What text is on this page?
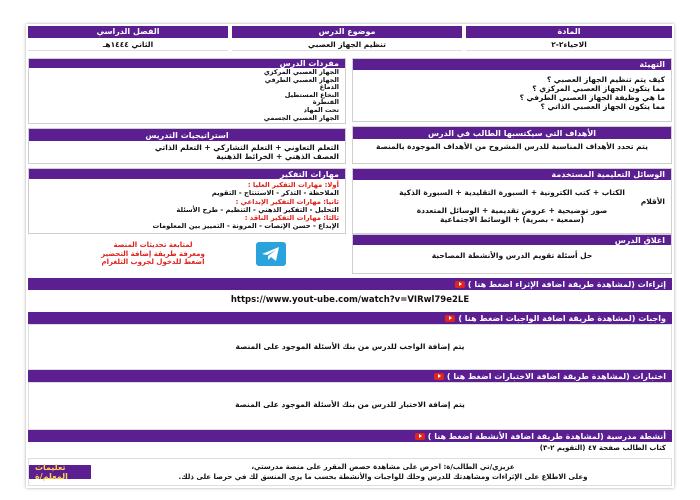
المادة
موضوع الدرس
الفصل الدراسي
الاحياء٢-٢
تنظيم الجهاز العصبي
الثاني ١٤٤٤هـ
التهيئة
كيف يتم تنظيم الجهاز العصبي ؟
مما يتكون الجهاز العصبي المركزي ؟
ما هي وظيفة الجهاز العصبي الطرفي ؟
مما يتكون الجهاز العصبي الذاتي ؟
مفردات الدرس
الجهاز العصبي المركزي
الجهاز العصبي الطرفي
الدماغ
النخاع المستطيل
القنطرة
تحت المهاد
الجهاز العصبي الجسمي
الأهداف التي سيكتسبها الطالب في الدرس
يتم تحدد الأهداف المناسبة للدرس المشروح من الأهداف الموجودة بالمنصة
استراتيجيات التدريس
التعلم التعاوني + التعلم التشاركي + التعلم الذاتي
العصف الذهني + الخرائط الذهنية
الوسائل التعليمية المستخدمة
الكتاب + كتب الكترونية + السبورة التقليدية + السبورة الذكية
الأقلام
صور توضيحية + عروض تقديمية + الوسائل المتعددة
(سمعية - بصرية) + الوسائط الاجتماعية
مهارات التفكير
أولا: مهارات التفكير العليا :
الملاحظة - التذكر - الاستنتاج - التقويم
ثانيا: مهارات التفكير الإبداعي :
التحليل - التفكير الذهني - التنظيم - طرح الأسئلة
ثالثا: مهارات التفكير الناقد :
الإبداع - حسن الإنصات - المرونة - التمييز بين المعلومات
لمتابعة تحديثات المنصة
ومعرفة طريقة إضافة التحضير
اضغط للدخول لجروب التلغرام
اغلاق الدرس
حل أسئلة تقويم الدرس والأنشطة المصاحبة
إثراءات (لمشاهدة طريقة اضافة الإثراء اضغط هنا )
https://www.yout-ube.com/watch?v=VIRwl79e2LE
واجبات (لمشاهدة طريقة اضافة الواجبات اضغط هنا )
يتم إضافة الواجب للدرس من بنك الأسئلة الموجود على المنصة
اختبارات (لمشاهدة طريقة اضافة الاختبارات اضغط هنا )
يتم إضافة الاختبار للدرس من بنك الأسئلة الموجود على المنصة
أنشطة مدرسية (لمشاهدة طريقة اضافة الأنشطة اضغط هنا )
كتاب الطالب صفحة ٤٧ (التقويم ٢-٣)
تعليمات المعلم/ة
عزيزي/تي الطالب/ة: احرص على مشاهدة حصص المقرر على منصة مدرستي،
وعلى الاطلاع على الإثراءات ومشاهدتك للدرس وحلك للواجبات والأنشطة بحسب ما يرى المنسق لك في حرصا على ذلك.
